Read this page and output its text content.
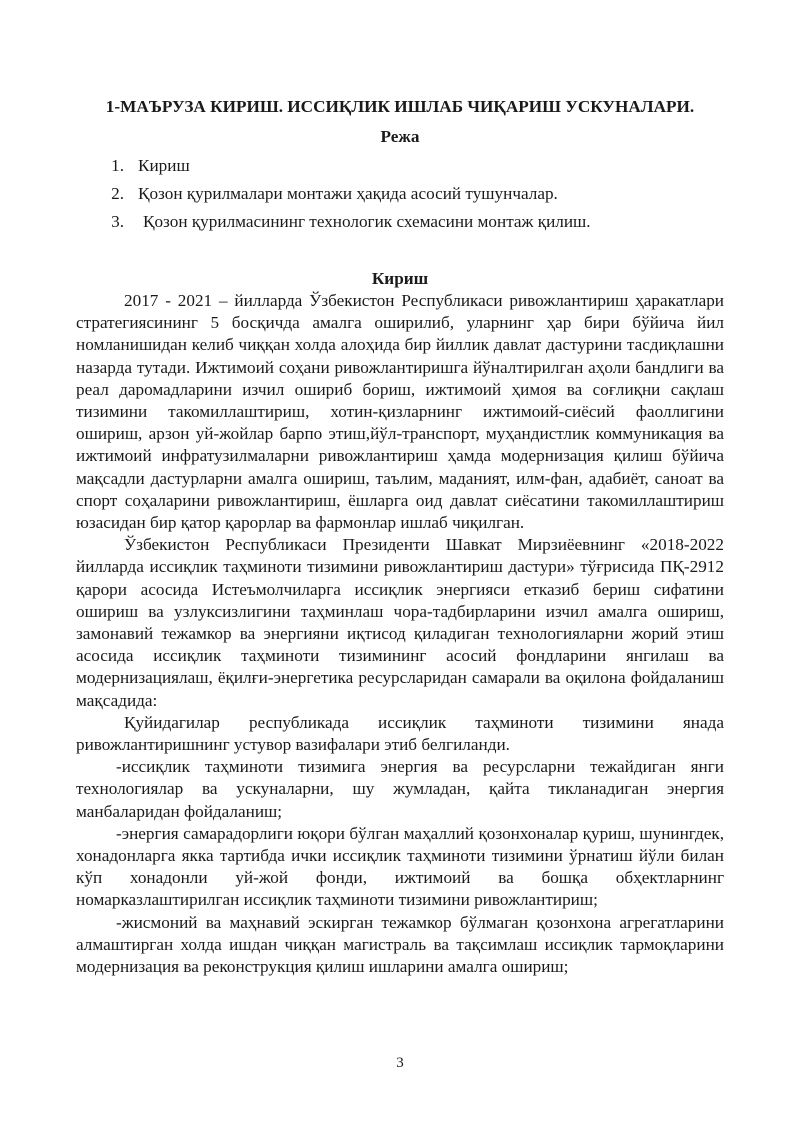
1-МАЪРУЗА КИРИШ. ИССИҚЛИК ИШЛАБ ЧИҚАРИШ УСКУНАЛАРИ.
Режа
1. Кириш
2. Қозон қурилмалари монтажи ҳақида асосий тушунчалар.
3.	Қозон қурилмасининг технологик схемасини монтаж қилиш.
Кириш

2017 - 2021 – йилларда Ўзбекистон Республикаси ривожлантириш ҳаракатлари стратегиясининг 5 босқичда амалга оширилиб, уларнинг ҳар бири бўйича йил номланишидан келиб чиққан холда алоҳида бир йиллик давлат дастурини тасдиқлашни назарда тутади. Ижтимоий соҳани ривожлантиришга йўналтирилган аҳоли бандлиги ва реал даромадларини изчил ошириб бориш, ижтимоий ҳимоя ва соғлиқни сақлаш тизимини такомиллаштириш, хотин-қизларнинг ижтимоий-сиёсий фаоллигини ошириш, арзон уй-жойлар барпо этиш,йўл-транспорт, муҳандистлик коммуникация ва ижтимоий инфратузилмаларни ривожлантириш ҳамда модернизация қилиш бўйича мақсадли дастурларни амалга ошириш, таълим, маданият, илм-фан, адабиёт, саноат ва спорт соҳаларини ривожлантириш, ёшларга оид давлат сиёсатини такомиллаштириш юзасидан бир қатор қарорлар ва фармонлар ишлаб чиқилган.

Ўзбекистон Республикаси Президенти Шавкат Мирзиёевнинг «2018-2022 йилларда иссиқлик таҳминоти тизимини ривожлантириш дастури» тўғрисида ПҚ-2912 қарори асосида Истеъмолчиларга иссиқлик энергияси етказиб бериш сифатини ошириш ва узлуксизлигини таҳминлаш чора-тадбирларини изчил амалга ошириш, замонавий тежамкор ва энергияни иқтисод қиладиган технологияларни жорий этиш асосида иссиқлик таҳминоти тизимининг асосий фондларини янгилаш ва модернизациялаш, ёқилғи-энергетика ресурсларидан самарали ва оқилона фойдаланиш мақсадида:

Қуйидагилар республикада иссиқлик таҳминоти тизимини янада ривожлантиришнинг устувор вазифалари этиб белгиланди.

-иссиқлик таҳминоти тизимига энергия ва ресурсларни тежайдиган янги технологиялар ва ускуналарни, шу жумладан, қайта тикланадиган энергия манбаларидан фойдаланиш;

-энергия самарадорлиги юқори бўлган маҳаллий қозонхоналар қуриш, шунингдек, хонадонларга якка тартибда ички иссиқлик таҳминоти тизимини ўрнатиш йўли билан кўп хонадонли уй-жой фонди, ижтимоий ва бошқа обҳектларнинг номарказлаштирилган иссиқлик таҳминоти тизимини ривожлантириш;

-жисмоний ва маҳнавий эскирган тежамкор бўлмаган қозонхона агрегатларини алмаштирган холда ишдан чиққан магистраль ва тақсимлаш иссиқлик тармоқларини модернизация ва реконструкция қилиш ишларини амалга ошириш;

3
